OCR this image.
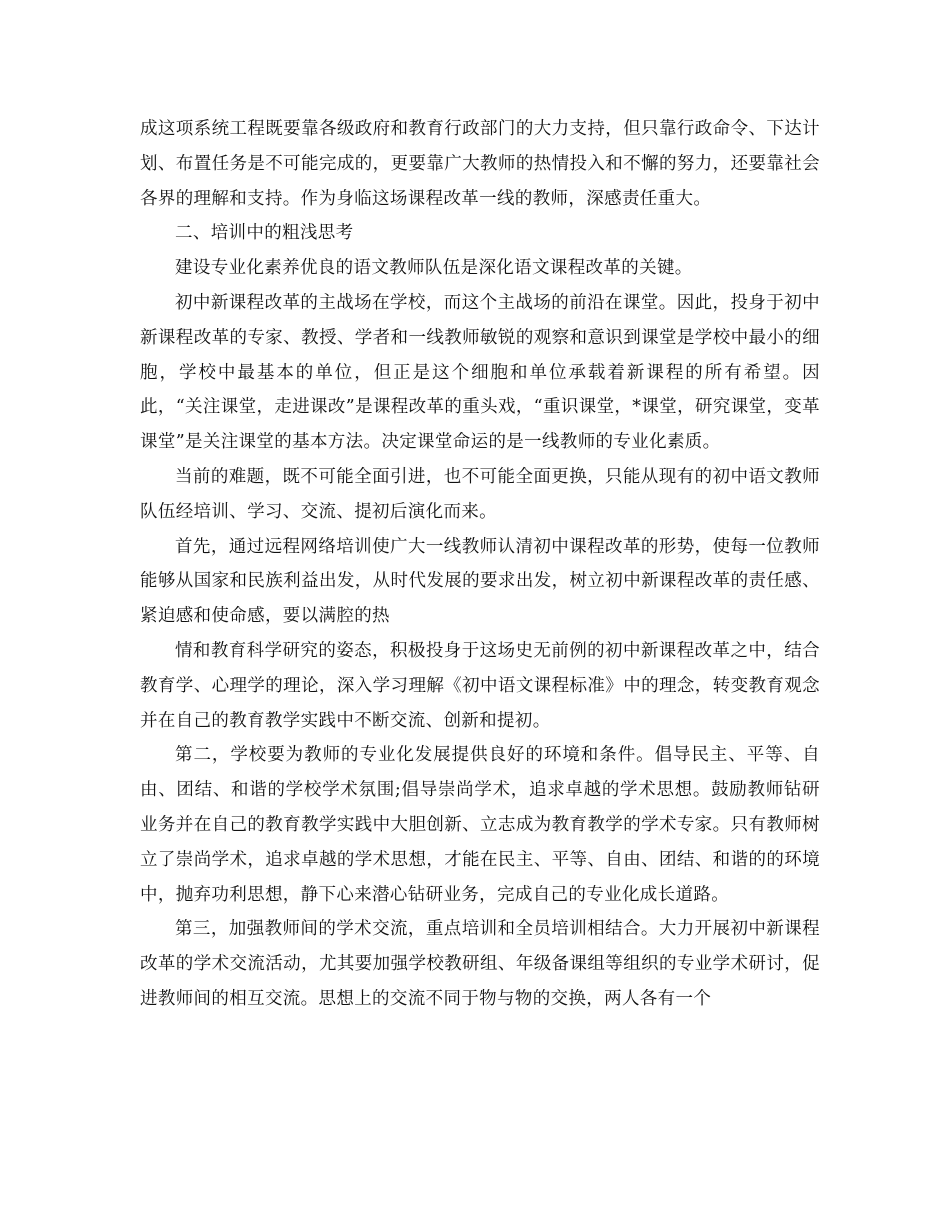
成这项系统工程既要靠各级政府和教育行政部门的大力支持，但只靠行政命令、下达计划、布置任务是不可能完成的，更要靠广大教师的热情投入和不懈的努力，还要靠社会各界的理解和支持。作为身临这场课程改革一线的教师，深感责任重大。

二、培训中的粗浅思考

建设专业化素养优良的语文教师队伍是深化语文课程改革的关键。

初中新课程改革的主战场在学校，而这个主战场的前沿在课堂。因此，投身于初中新课程改革的专家、教授、学者和一线教师敏锐的观察和意识到课堂是学校中最小的细胞，学校中最基本的单位，但正是这个细胞和单位承载着新课程的所有希望。因此，“关注课堂，走进课改”是课程改革的重头戏，“重识课堂，*课堂，研究课堂，变革课堂”是关注课堂的基本方法。决定课堂命运的是一线教师的专业化素质。

当前的难题，既不可能全面引进，也不可能全面更换，只能从现有的初中语文教师队伍经培训、学习、交流、提初后演化而来。

首先，通过远程网络培训使广大一线教师认清初中课程改革的形势，使每一位教师能够从国家和民族利益出发，从时代发展的要求出发，树立初中新课程改革的责任感、紧迫感和使命感，要以满腔的热

情和教育科学研究的姿态，积极投身于这场史无前例的初中新课程改革之中，结合教育学、心理学的理论，深入学习理解《初中语文课程标准》中的理念，转变教育观念并在自己的教育教学实践中不断交流、创新和提初。

第二，学校要为教师的专业化发展提供良好的环境和条件。倡导民主、平等、自由、团结、和谐的学校学术氛围;倡导崇尚学术，追求卓越的学术思想。鼓励教师钻研业务并在自己的教育教学实践中大胆创新、立志成为教育教学的学术专家。只有教师树立了崇尚学术，追求卓越的学术思想，才能在民主、平等、自由、团结、和谐的的环境中，抛弃功利思想，静下心来潜心钻研业务，完成自己的专业化成长道路。

第三，加强教师间的学术交流，重点培训和全员培训相结合。大力开展初中新课程改革的学术交流活动，尤其要加强学校教研组、年级备课组等组织的专业学术研讨，促进教师间的相互交流。思想上的交流不同于物与物的交换，两人各有一个
